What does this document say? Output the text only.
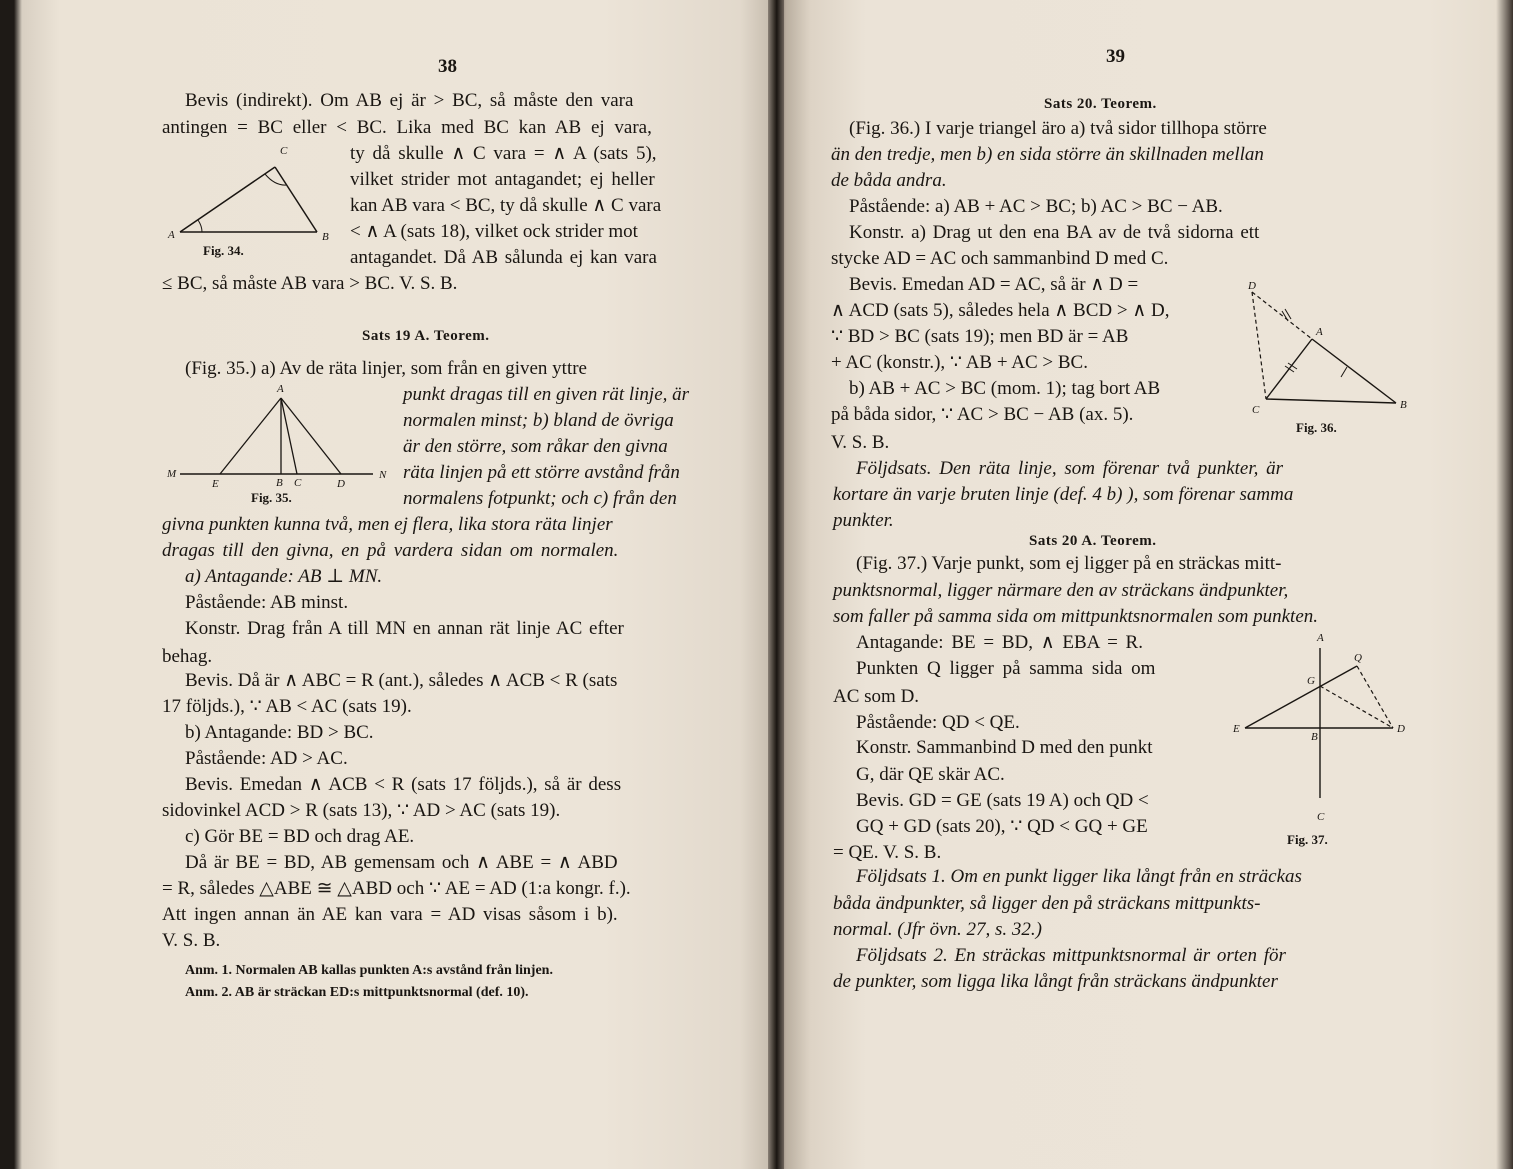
38
Bevis (indirekt). Om AB ej är > BC, så måste den vara
antingen = BC eller < BC. Lika med BC kan AB ej vara,
ty då skulle ∧ C vara = ∧ A (sats 5),
vilket strider mot antagandet; ej heller
kan AB vara < BC, ty då skulle ∧ C vara
< ∧ A (sats 18), vilket ock strider mot
antagandet. Då AB sålunda ej kan vara
≤ BC, så måste AB vara > BC. V. S. B.
C
A	B
Fig. 34.
Sats 19 A. Teorem.
(Fig. 35.) a) Av de räta linjer, som från en given yttre
punkt dragas till en given rät linje, är
normalen minst; b) bland de övriga
är den större, som råkar den givna
räta linjen på ett större avstånd från
normalens fotpunkt; och c) från den
givna punkten kunna två, men ej flera, lika stora räta linjer
dragas till den givna, en på vardera sidan om normalen.
A
M
E	B C	D
N
Fig. 35.
a) Antagande: AB ⊥ MN.
Påstående: AB minst.
Konstr. Drag från A till MN en annan rät linje AC efter
behag.
Bevis. Då är ∧ ABC = R (ant.), således ∧ ACB < R (sats
17 följds.), ∵ AB < AC (sats 19).
b) Antagande: BD > BC.
Påstående: AD > AC.
Bevis. Emedan ∧ ACB < R (sats 17 följds.), så är dess
sidovinkel ACD > R (sats 13), ∵ AD > AC (sats 19).
c) Gör BE = BD och drag AE.
Då är BE = BD, AB gemensam och ∧ ABE = ∧ ABD
= R, således △ABE ≅ △ABD och ∵ AE = AD (1:a kongr. f.).
Att ingen annan än AE kan vara = AD visas såsom i b).
V. S. B.
Anm. 1. Normalen AB kallas punkten A:s avstånd från linjen.
Anm. 2. AB är sträckan ED:s mittpunktsnormal (def. 10).
39
Sats 20. Teorem.
(Fig. 36.) I varje triangel äro a) två sidor tillhopa större
än den tredje, men b) en sida större än skillnaden mellan
de båda andra.
Påstående: a) AB + AC > BC; b) AC > BC − AB.
Konstr. a) Drag ut den ena BA av de två sidorna ett
stycke AD = AC och sammanbind D med C.
Bevis. Emedan AD = AC, så är ∧ D =
∧ ACD (sats 5), således hela ∧ BCD > ∧ D,
∵ BD > BC (sats 19); men BD är = AB
+ AC (konstr.), ∵ AB + AC > BC.
b) AB + AC > BC (mom. 1); tag bort AB
på båda sidor, ∵ AC > BC − AB (ax. 5).
V. S. B.
D
A
C	B
Fig. 36.
Följdsats. Den räta linje, som förenar två punkter, är
kortare än varje bruten linje (def. 4 b) ), som förenar samma
punkter.
Sats 20 A. Teorem.
(Fig. 37.) Varje punkt, som ej ligger på en sträckas mitt-
punktsnormal, ligger närmare den av sträckans ändpunkter,
som faller på samma sida om mittpunktsnormalen som punkten.
Antagande: BE = BD, ∧ EBA = R.
Punkten Q ligger på samma sida om
AC som D.
Påstående: QD < QE.
Konstr. Sammanbind D med den punkt
G, där QE skär AC.
Bevis. GD = GE (sats 19 A) och QD <
GQ + GD (sats 20), ∵ QD < GQ + GE
= QE. V. S. B.
A
Q
G
E
B
D
C
Fig. 37.
Följdsats 1. Om en punkt ligger lika långt från en sträckas
båda ändpunkter, så ligger den på sträckans mittpunkts-
normal. (Jfr övn. 27, s. 32.)
Följdsats 2. En sträckas mittpunktsnormal är orten för
de punkter, som ligga lika långt från sträckans ändpunkter
